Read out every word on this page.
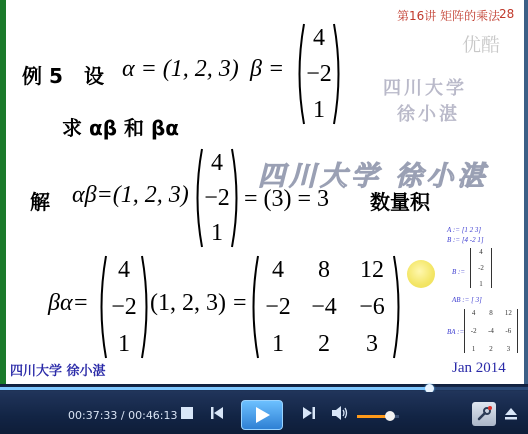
第16讲 矩阵的乘法
28
优酷
例 5 设 α = (1, 2, 3) β =
4
−2
1
四川大学
徐小湛
求 αβ 和 βα
四川大学 徐小湛
解 αβ=(1, 2, 3)
4
−2
1
= (3) = 3 数量积
A := [1 2 3]
B := [4 -2 1]
B :=
4
-2
1
AB := [ 3]
BA :=
4	8	12
-2	-4	-6
1	2	3
βα=
4
−2
1
(1, 2, 3) =
4	8	12
−2 −4 −6
1	2	3
四川大学 徐小湛	Jan 2014
00:37:33 / 00:46:13
